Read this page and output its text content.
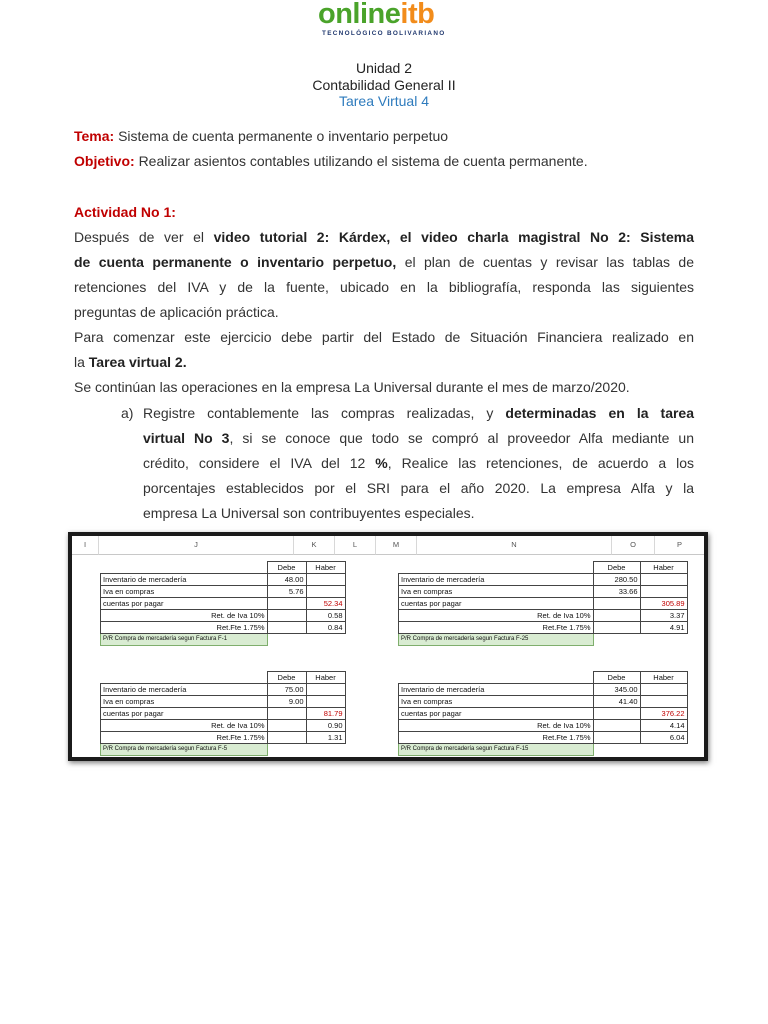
onlineitb
TECNOLÓGICO BOLIVARIANO
Unidad 2
Contabilidad General II
Tarea Virtual 4
Tema: Sistema de cuenta permanente o inventario perpetuo
Objetivo: Realizar asientos contables utilizando el sistema de cuenta permanente.
Actividad No 1:
Después de ver el video tutorial 2: Kárdex, el video charla magistral No 2: Sistema
de cuenta permanente o inventario perpetuo, el plan de cuentas y revisar las tablas de
retenciones del IVA y de la fuente, ubicado en la bibliografía, responda las siguientes
preguntas de aplicación práctica.
Para comenzar este ejercicio debe partir del Estado de Situación Financiera realizado en
la Tarea virtual 2.
Se continúan las operaciones en la empresa La Universal durante el mes de marzo/2020.
a) Registre contablemente las compras realizadas, y determinadas en la tarea
virtual No 3, si se conoce que todo se compró al proveedor Alfa mediante un
crédito, considere el IVA del 12 %, Realice las retenciones, de acuerdo a los
porcentajes establecidos por el SRI para el año 2020. La empresa Alfa y la
empresa La Universal son contribuyentes especiales.
I	J	K	L	M	N	O	P
	Debe	Haber
Inventario de mercadería	48.00	
Iva en compras	5.76	
cuentas por pagar		52.34
Ret. de Iva 10%		0.58
Ret.Fte 1.75%		0.84
P/R Compra de mercadería segun Factura F-1		
	Debe	Haber
Inventario de mercadería	280.50	
Iva en compras	33.66	
cuentas por pagar		305.89
Ret. de Iva 10%		3.37
Ret.Fte 1.75%		4.91
P/R Compra de mercadería segun Factura F-25		
	Debe	Haber
Inventario de mercadería	75.00	
Iva en compras	9.00	
cuentas por pagar		81.79
Ret. de Iva 10%		0.90
Ret.Fte 1.75%		1.31
P/R Compra de mercadería segun Factura F-5		
	Debe	Haber
Inventario de mercadería	345.00	
Iva en compras	41.40	
cuentas por pagar		376.22
Ret. de Iva 10%		4.14
Ret.Fte 1.75%		6.04
P/R Compra de mercadería segun Factura F-15		
